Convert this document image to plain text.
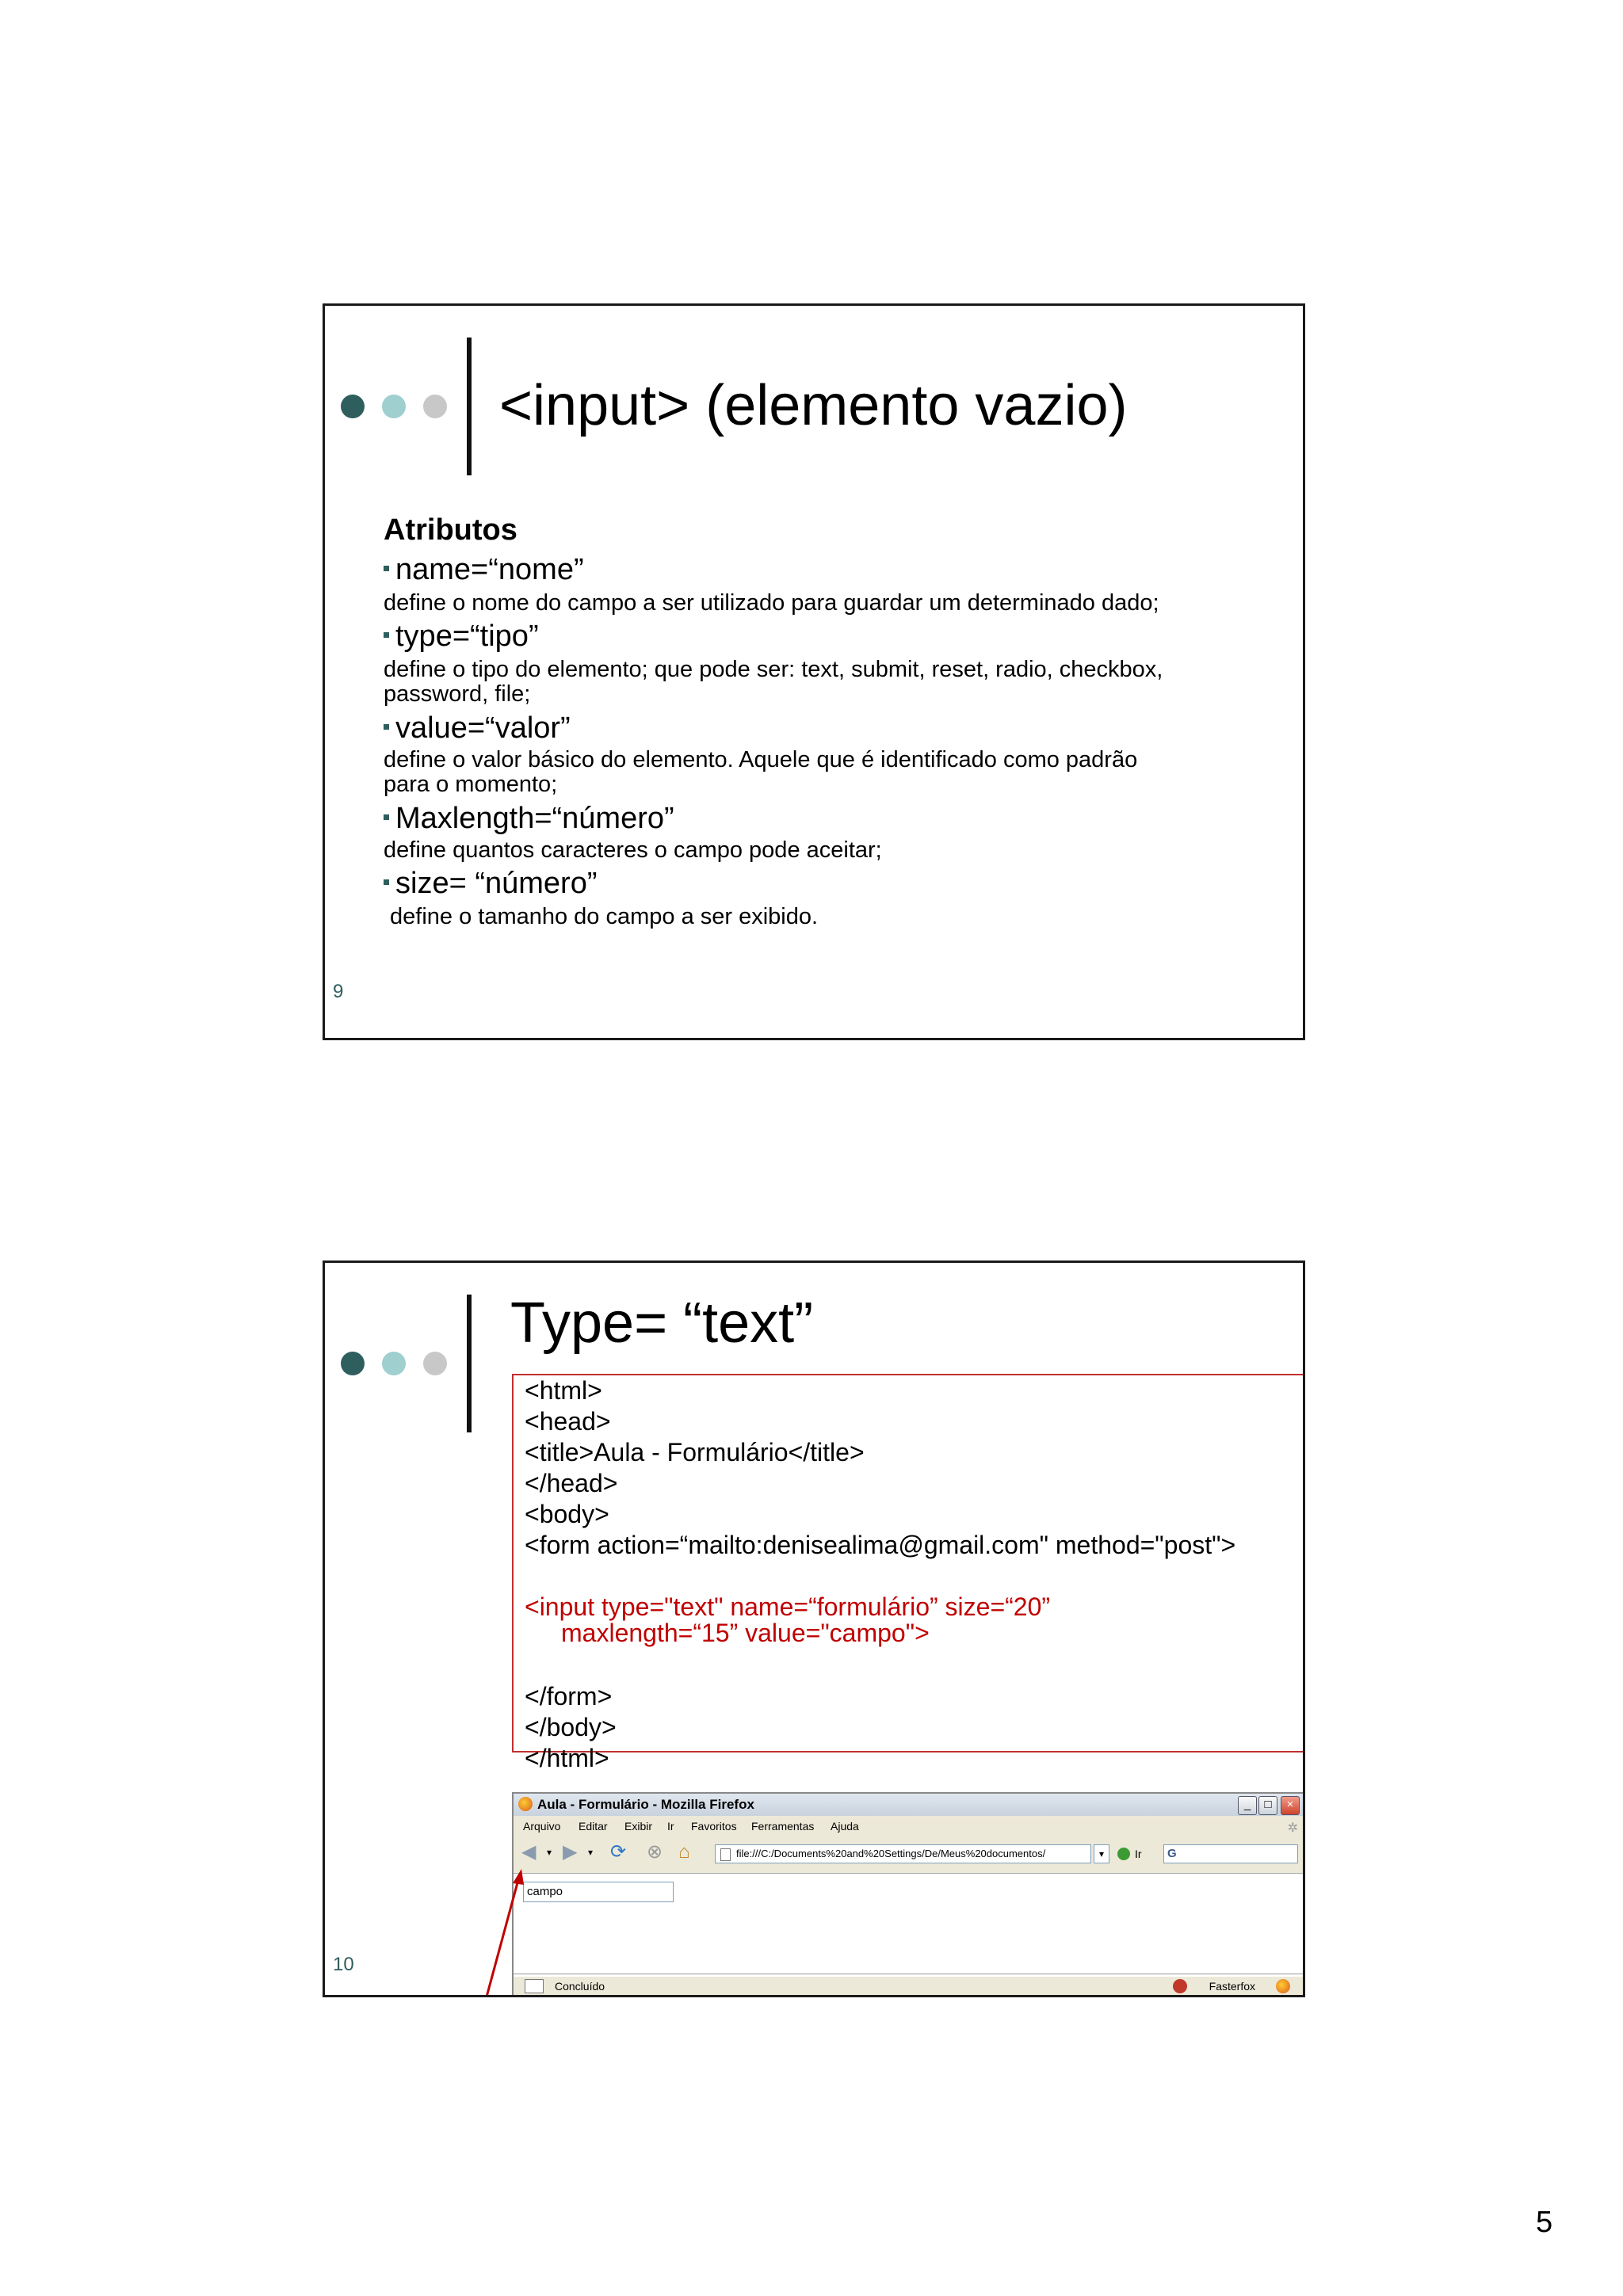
<input> (elemento vazio)
Atributos
name=“nome”
define o nome do campo a ser utilizado para guardar um determinado dado;
type=“tipo”
define o tipo do elemento; que pode ser: text, submit, reset, radio, checkbox,
password, file;
value=“valor”
define o valor básico do elemento. Aquele que é identificado como padrão
para o momento;
Maxlength=“número”
define quantos caracteres o campo pode aceitar;
size= “número”
define o tamanho do campo a ser exibido.
9
Type= “text”
<html>
<head>
<title>Aula - Formulário</title>
</head>
<body>
<form action=“mailto:denisealima@gmail.com" method="post">
<input type="text" name=“formulário” size=“20”
maxlength=“15” value="campo">
</form>
</body>
</html>
Aula - Formulário - Mozilla Firefox	_	□	×
Arquivo Editar Exibir Ir Favoritos Ferramentas Ajuda	✲
◀ ▾ ▶ ▾ ⟳ ⊗ ⌂	file:///C:/Documents%20and%20Settings/De/Meus%20documentos/	▾	Ir G
campo
Concluído	Fasterfox
10
5
